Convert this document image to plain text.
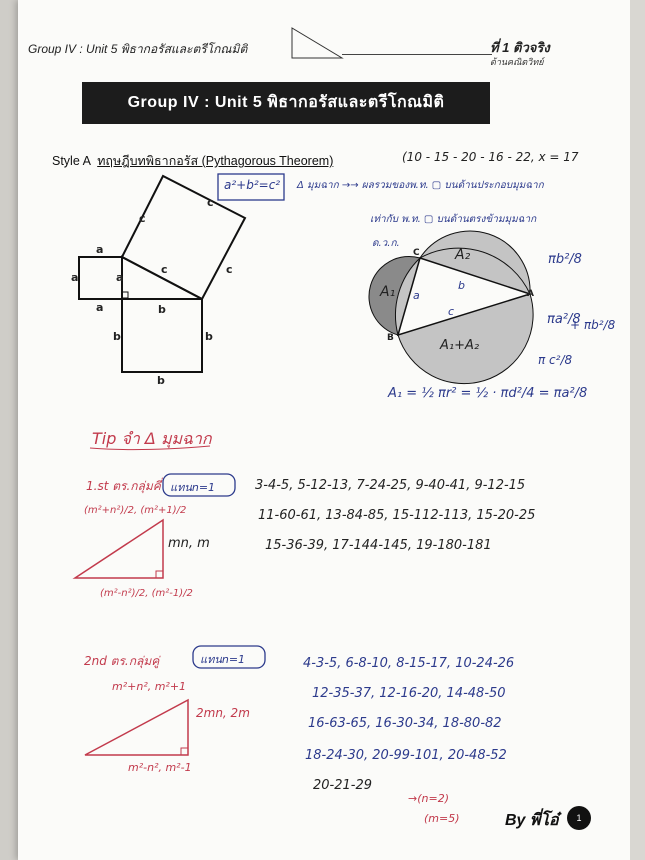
Group IV : Unit 5 พิธากอรัสและตรีโกณมิติ	ที่ 1 ติวจริง
ด้านคณิตวิทย์
Group IV : Unit 5 พิธากอรัสและตรีโกณมิติ
Style A ทฤษฎีบทพิธากอรัส (Pythagorous Theorem)
a
a
a
a
c
c
c	c
b
b	b
b
C
A
B
A₁
A₂
A₁+A₂
a
b
c
(10 - 15 - 20 - 16 - 22, x = 17
a²+b²=c² Δ มุมฉาก →→ ผลรวมของพ.ท. ▢ บนด้านประกอบมุมฉาก
เท่ากับ พ.ท. ▢ บนด้านตรงข้ามมุมฉาก
ด.ว.ก.
πb²/8
πa²/8
+ πb²/8
π c²/8
A₁ = ½ πr² = ½ · πd²/4 = πa²/8
Tip จำ Δ มุมฉาก
1.st ตร.กลุ่มคี่ แทนn=1	3-4-5, 5-12-13, 7-24-25, 9-40-41, 9-12-15
11-60-61, 13-84-85, 15-112-113, 15-20-25
15-36-39, 17-144-145, 19-180-181
(m²+n²)/2, (m²+1)/2
mn, m
(m²-n²)/2, (m²-1)/2
2nd ตร.กลุ่มคู่	แทนn=1	4-3-5, 6-8-10, 8-15-17, 10-24-26
12-35-37, 12-16-20, 14-48-50
16-63-65, 16-30-34, 18-80-82
18-24-30, 20-99-101, 20-48-52
20-21-29
→(n=2)
(m=5)
m²+n², m²+1
2mn, 2m
m²-n², m²-1
By พี่โอ๋	1
